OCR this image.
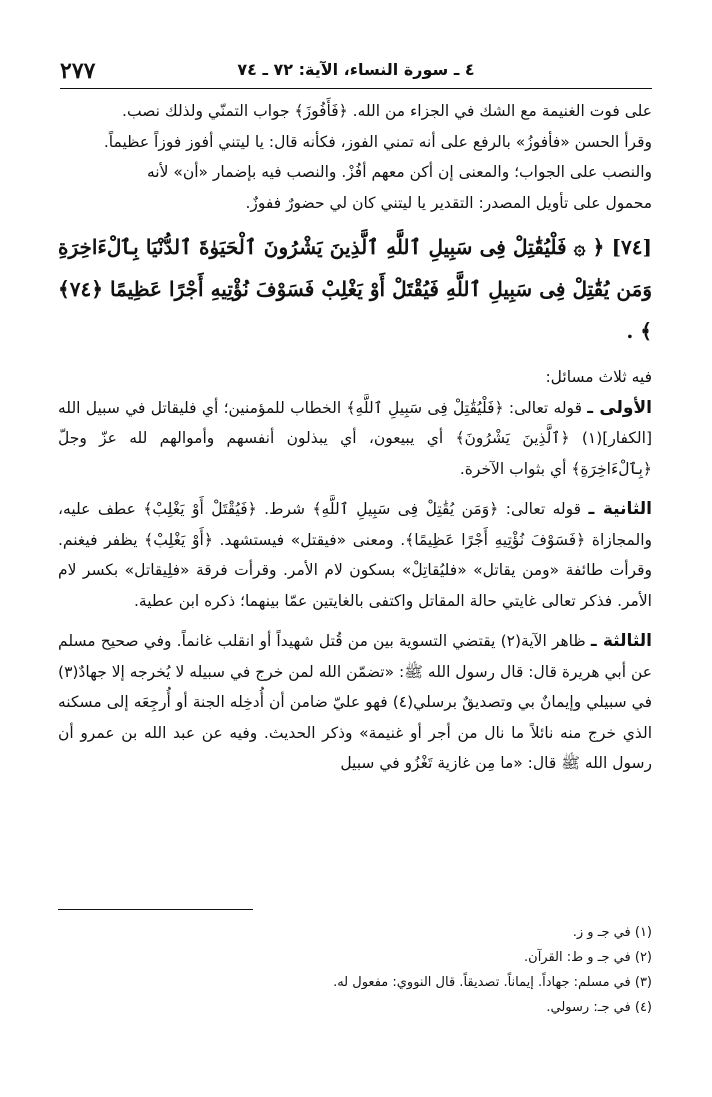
٤ ـ سورة النساء، الآية: ٧٢ ـ ٧٤
٢٧٧

على فوت الغنيمة مع الشك في الجزاء من الله. ﴿فَأَفُوزَ﴾ جواب التمنّي ولذلك نصب.

وقرأ الحسن «فأفوزُ» بالرفع على أنه تمني الفوز، فكأنه قال: يا ليتني أفوز فوزاً عظيماً.

والنصب على الجواب؛ والمعنى إن أكن معهم أفُزْ. والنصب فيه بإضمار «أن» لأنه

محمول على تأويل المصدر: التقدير يا ليتني كان لي حضورٌ ففوزٌ.

[٧٤] ﴿ ۞ فَلْيُقَٰتِلْ فِى سَبِيلِ ٱللَّهِ ٱلَّذِينَ يَشْرُونَ ٱلْحَيَوٰةَ ٱلدُّنْيَا بِٱلْءَاخِرَةِ وَمَن يُقَٰتِلْ فِى سَبِيلِ ٱللَّهِ فَيُقْتَلْ أَوْ يَغْلِبْ فَسَوْفَ نُؤْتِيهِ أَجْرًا عَظِيمًا ﴿٧٤﴾ ﴾ .

فيه ثلاث مسائل:

الأولى ـ قوله تعالى: ﴿فَلْيُقَٰتِلْ فِى سَبِيلِ ٱللَّهِ﴾ الخطاب للمؤمنين؛ أي فليقاتل في سبيل الله [الكفار](١) ﴿ٱلَّذِينَ يَشْرُونَ﴾ أي يبيعون، أي يبذلون أنفسهم وأموالهم لله عزّ وجلّ ﴿بِٱلْءَاخِرَةِ﴾ أي بثواب الآخرة.

الثانية ـ قوله تعالى: ﴿وَمَن يُقَٰتِلْ فِى سَبِيلِ ٱللَّهِ﴾ شرط. ﴿فَيُقْتَلْ أَوْ يَغْلِبْ﴾ عطف عليه، والمجازاة ﴿فَسَوْفَ نُؤْتِيهِ أَجْرًا عَظِيمًا﴾. ومعنى «فيقتل» فيستشهد. ﴿أَوْ يَغْلِبْ﴾ يظفر فيغنم. وقرأت طائفة «ومن يقاتل» «فليُقاتِلْ» بسكون لام الأمر. وقرأت فرقة «فلِيقاتل» بكسر لام الأمر. فذكر تعالى غايتي حالة المقاتل واكتفى بالغايتين عمّا بينهما؛ ذكره ابن عطية.

الثالثة ـ ظاهر الآية(٢) يقتضي التسوية بين من قُتل شهيداً أو انقلب غانماً. وفي صحيح مسلم عن أبي هريرة قال: قال رسول الله ﷺ: «تضمّن الله لمن خرج في سبيله لا يُخرجه إلا جهادٌ(٣) في سبيلي وإيمانٌ بي وتصديقٌ برسلي(٤) فهو عليّ ضامن أن أُدخِله الجنة أو أُرجِعَه إلى مسكنه الذي خرج منه نائلاً ما نال من أجر أو غنيمة» وذكر الحديث. وفيه عن عبد الله بن عمرو أن رسول الله ﷺ قال: «ما مِن غازية تَغْزُو في سبيل

(١) في جـ و ز.
(٢) في جـ و ط: القرآن.
(٣) في مسلم: جهاداً. إيماناً. تصديقاً. قال النووي: مفعول له.
(٤) في جـ: رسولي.
